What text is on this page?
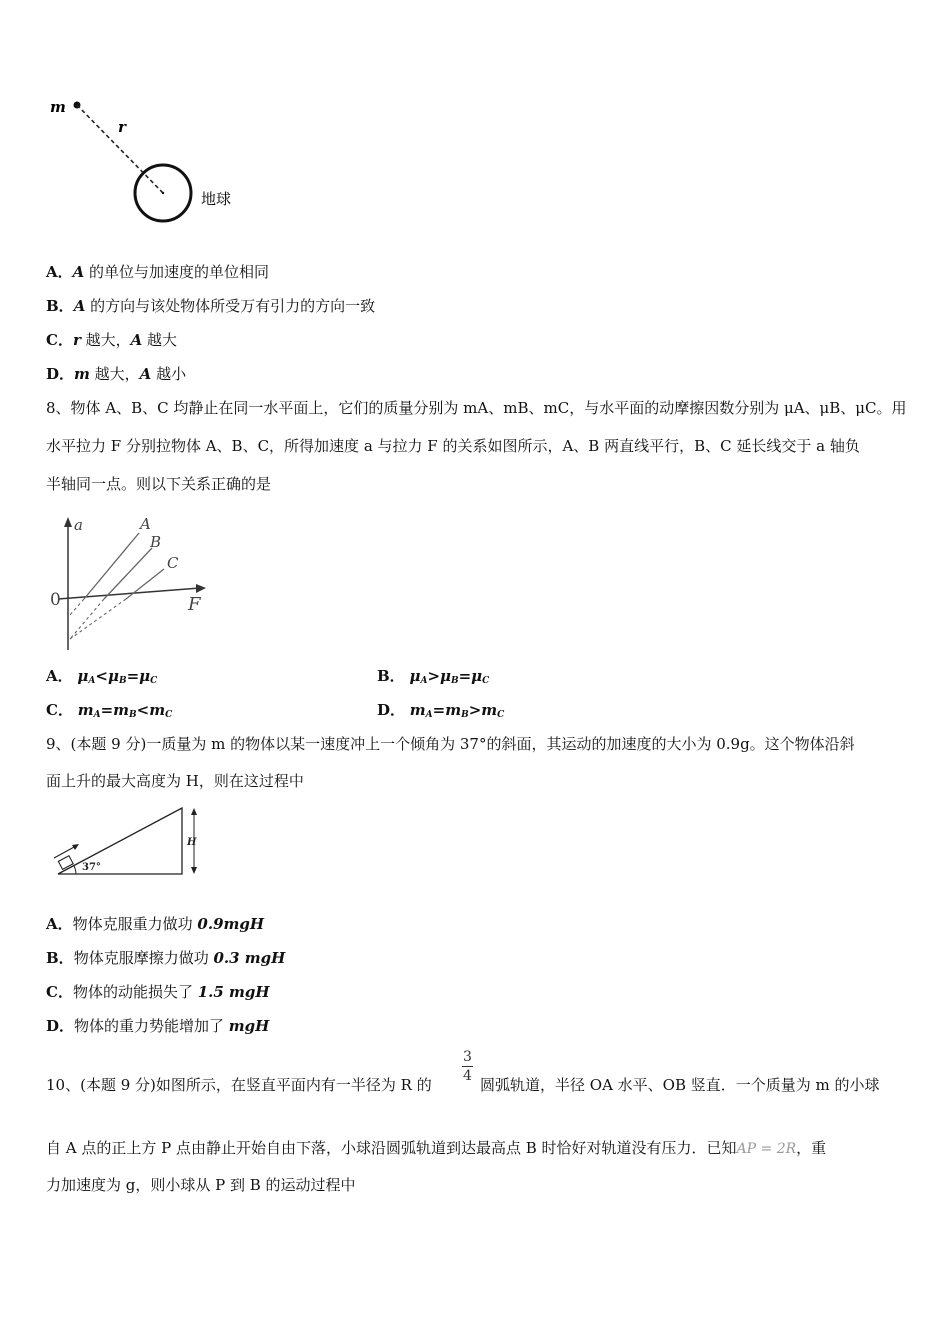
m
r
地球
A．A 的单位与加速度的单位相同
B．A 的方向与该处物体所受万有引力的方向一致
C．r 越大，A 越大
D．m 越大，A 越小
8、物体 A、B、C 均静止在同一水平面上，它们的质量分别为 mA、mB、mC，与水平面的动摩擦因数分别为 μA、μB、μC。用
水平拉力 F 分别拉物体 A、B、C，所得加速度 a 与拉力 F 的关系如图所示，A、B 两直线平行，B、C 延长线交于 a 轴负
半轴同一点。则以下关系正确的是
a
F
0
A
B
C
A． $\mu_A<\mu_B=\mu_C$	B． $\mu_A>\mu_B=\mu_C$
C． $m_A=m_B<m_C$	D． $m_A=m_B>m_C$
9、(本题 9 分)一质量为 m 的物体以某一速度冲上一个倾角为 37°的斜面，其运动的加速度的大小为 0.9g。这个物体沿斜
面上升的最大高度为 H，则在这过程中
37°
H
A．物体克服重力做功 0.9mgH
B．物体克服摩擦力做功 0.3 mgH
C．物体的动能损失了 1.5 mgH
D．物体的重力势能增加了 mgH
10、(本题 9 分)如图所示，在竖直平面内有一半径为 R 的 $\frac{3}{4}$ 圆弧轨道，半径 OA 水平、OB 竖直．一个质量为 m 的小球
自 A 点的正上方 P 点由静止开始自由下落，小球沿圆弧轨道到达最高点 B 时恰好对轨道没有压力．已知AP = 2R，重
力加速度为 g，则小球从 P 到 B 的运动过程中
